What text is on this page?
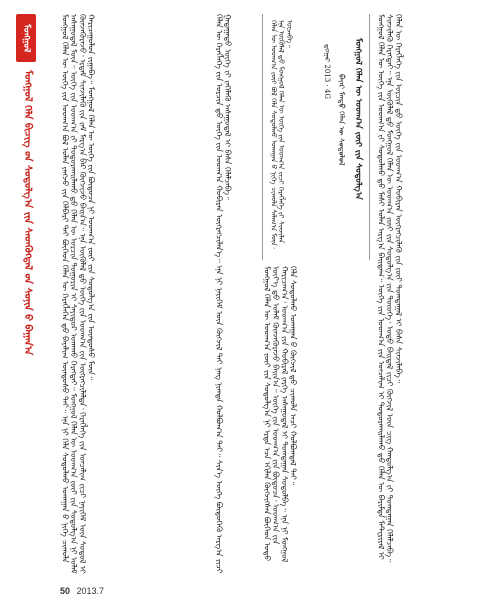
ᠮᠣᠩᠭ᠋ᠣᠯ
ᠮᠣᠩᠭ᠋ᠣᠯ ᠬᠡᠯᠡ ᠪᠢᠴᠢᠭ ᠤ᠋ᠨ ᠰᠤᠳᠤᠯᠭ᠎ᠠ ᠶ᠋ᠢᠨ ᠰᠡᠳᠬᠦᠭᠳᠡᠯ ᠤ᠋ᠨ ᠰᠣᠨᠢᠨ ᠤ᠋ ᠪᠠᠭᠠᠨ᠎ᠠ	ᠮᠣᠩᠭ᠋ᠣᠯ ᠬᠡᠯᠡᠨ ᠦ ᠦᠭᠡ ᠶ᠋ᠢᠨ ᠤᠳᠬ᠎ᠠ ᠪᠣᠯ ᠣᠯᠠᠨ ᠶᠠᠩᠵᠤ ᠶ᠋ᠢᠨ ᠬᠡᠯᠪᠡᠷᠢ ᠲᠠᠢ ᠪᠥᠭᠡᠳ ᠬᠡᠯᠡᠨ ᠦ ᠬᠡᠷᠡᠭᠯᠡᠭᠡᠨ ᠳ᠋ᠦ ᠪᠠᠶᠠᠯᠢᠭ ᠦᠨᠳᠦᠰᠦ ᠲᠠᠢ᠃ ᠡᠨᠡ ᠨᠢ ᠬᠡᠯᠡ ᠰᠤᠳᠤᠯᠬᠤ ᠤᠬᠠᠭᠠᠨ ᠤ᠋ ᠨᠢᠭᠡ ᠴᠢᠬᠤᠯᠠ ᠠᠰᠠᠭᠤᠳᠠᠯ ᠮᠥᠨ᠃ ᠦᠭᠡ ᠶ᠋ᠢᠨ ᠤᠳᠬ᠎ᠠ ᠶ᠋ᠢ ᠲᠣᠳᠤᠷᠬᠠᠢᠯᠠᠬᠤ ᠳ᠋ᠤ ᠬᠡᠯᠡᠨ ᠦ ᠣᠷᠴᠢᠨ ᠲᠣᠭᠣᠷᠢᠨ ᠢ ᠰᠠᠶᠢᠲᠤᠷ ᠤᠬᠠᠬᠤ ᠬᠡᠷᠡᠭᠲᠡᠢ᠃ ᠮᠣᠩᠭ᠋ᠣᠯ ᠬᠡᠯᠡᠨ ᠦ ᠤᠳᠬ᠎ᠠ ᠵᠦᠢ ᠶ᠋ᠢᠨ ᠰᠤᠳᠤᠯᠭ᠎ᠠ ᠨᠢ ᠤᠯᠠᠮ ᠭᠦᠨᠵᠡᠭᠦᠷᠡᠵᠦ᠂ ᠡᠷᠳᠡᠮ ᠰᠢᠨᠵᠢᠯᠡᠬᠦ ᠶ᠋ᠢᠨ ᠵᠠᠮ ᠮᠠᠷᠭ᠎ᠠ ᠪᠠᠷ ᠬᠥᠭᠵᠢᠵᠦ ᠪᠠᠢᠨ᠎ᠠ᠃ ᠡᠨᠡ ᠥᠭᠦᠯᠡᠯ ᠳ᠋ᠦ ᠦᠭᠡ ᠶ᠋ᠢᠨ ᠤᠳᠬ᠎ᠠ ᠶ᠋ᠢᠨ ᠥᠭᠷᠡᠭᠴᠢᠯᠡᠯᠲᠡ᠂ ᠬᠡᠷᠡᠭᠯᠡᠭᠡ ᠶ᠋ᠢᠨ ᠣᠨᠴᠠᠯᠢᠭ ᠵᠢᠴᠢ ᠨᠡᠶᠢᠭᠡᠮ ᠦᠨ ᠰᠤᠳᠤᠯ ᠢ ᠬᠠᠷᠢᠴᠠᠭᠤᠯᠤᠨ ᠵᠢᠭᠠᠪᠠ᠃ ᠮᠣᠩᠭ᠋ᠣᠯ ᠬᠡᠯᠡᠨ ᠦ ᠦᠭᠡ ᠶ᠋ᠢᠨ ᠪᠦᠲᠦᠴᠡ ᠨᠢ ᠤᠳᠬ᠎ᠠ ᠵᠦᠢ ᠶ᠋ᠢᠨ ᠰᠤᠳᠤᠯᠭ᠎ᠠ ᠶ᠋ᠢᠨ ᠦᠨᠳᠦᠰᠦ ᠮᠥᠨ᠃	ᠬᠡᠯᠡᠨ ᠦ ᠬᠡᠷᠡᠭᠯᠡᠭᠡ ᠶ᠋ᠢᠨ ᠣᠷᠴᠢᠨ ᠳ᠋ᠤ ᠦᠭᠡ ᠶ᠋ᠢᠨ ᠤᠳᠬ᠎ᠠ ᠬᠤᠪᠢᠷᠠᠨ ᠥᠭᠷᠡᠭᠴᠢᠯᠡᠨ᠎ᠡ᠃ ᠡᠨᠡ ᠨᠢ ᠨᠡᠶᠢᠭᠡᠮ ᠦᠨ ᠬᠥᠭᠵᠢᠯ ᠲᠡᠢ ᠨᠡᠩ ᠨᠢᠭᠲᠠ ᠬᠣᠯᠪᠣᠭ᠎ᠠ ᠲᠠᠢ᠃ ᠰᠢᠨ᠎ᠡ ᠦᠭᠡ ᠪᠦᠲᠦᠭᠡᠬᠦ ᠠᠷᠭ᠎ᠠ ᠵᠢᠴᠢ ᠭᠠᠳᠠᠭᠠᠳᠤ ᠦᠭᠡ ᠶ᠋ᠢ ᠵᠡᠭᠡᠯᠡᠬᠦ ᠠᠰᠠᠭᠤᠳᠠᠯ ᠢ ᠪᠠᠰᠠ ᠬᠡᠯᠡᠯᠴᠡᠪᠡ᠃	ᠮᠣᠩᠭ᠋ᠣᠯ ᠬᠡᠯᠡᠨ ᠦ ᠤᠳᠬ᠎ᠠ ᠵᠦᠢ ᠶ᠋ᠢᠨ ᠰᠤᠳᠤᠯᠭ᠎ᠠ
ᠪᠠᠶᠠᠷ ᠮᠡᠨᠳᠦ ᠬᠡᠯᠡᠨ ᠦ ᠰᠤᠳᠤᠯᠤᠯ
ᠳ᠋ᠤᠭᠠᠷ 2013 · 4G
ᠬᠡᠯᠡᠨ ᠦ ᠤᠳᠬ᠎ᠠ ᠵᠦᠢ ᠪᠣᠯ ᠬᠡᠯᠡ ᠰᠤᠳᠤᠯᠬᠤ ᠤᠬᠠᠭᠠᠨ ᠤ᠋ ᠨᠢᠭᠡ ᠴᠢᠬᠤᠯᠠ ᠰᠠᠯᠠᠭ᠎ᠠ ᠮᠥᠨ᠂ ᠡᠨᠡ ᠥᠭᠦᠯᠡᠯ ᠳ᠋ᠦ ᠮᠣᠩᠭ᠋ᠣᠯ ᠬᠡᠯᠡᠨ ᠦ ᠦᠭᠡ ᠶ᠋ᠢᠨ ᠤᠳᠬ᠎ᠠ ᠵᠢᠴᠢ ᠬᠡᠷᠡᠭᠯᠡᠭᠡ ᠶ᠋ᠢ ᠰᠢᠨᠵᠢᠯᠡᠨ ᠦᠵᠡᠪᠡ᠃

ᠮᠣᠩᠭ᠋ᠣᠯ ᠬᠡᠯᠡᠨ ᠦ ᠤᠳᠬ᠎ᠠ ᠵᠦᠢ ᠶ᠋ᠢᠨ ᠰᠤᠳᠤᠯᠭ᠎ᠠ ᠨᠢ ᠡᠷᠲᠡ ᠡᠴᠡ ᠡᠬᠢᠯᠡᠨ ᠬᠥᠭᠵᠢᠭᠰᠡᠨ ᠪᠥᠭᠡᠳ ᠣᠳᠣ ᠦᠶ᠎ᠡ ᠳ᠋ᠦ ᠤᠯᠠᠮ ᠭᠦᠨᠵᠡᠭᠦᠷᠡᠵᠦ ᠪᠠᠢᠨ᠎ᠠ᠃ ᠦᠭᠡ ᠶ᠋ᠢᠨ ᠤᠳᠬ᠎ᠠ ᠶ᠋ᠢᠨ ᠪᠦᠲᠦᠴᠡ᠂ ᠤᠳᠬ᠎ᠠ ᠶ᠋ᠢᠨ ᠬᠠᠷᠢᠴᠠᠭ᠎ᠠ᠂ ᠤᠳᠬ᠎ᠠ ᠶ᠋ᠢᠨ ᠬᠤᠪᠢᠷᠠᠯ ᠵᠡᠷᠭᠡ ᠠᠰᠠᠭᠤᠳᠠᠯ ᠢ ᠲᠣᠭᠲᠠᠭᠠᠨ ᠰᠤᠳᠤᠯᠪᠠ᠃ ᠡᠨᠡ ᠨᠢ ᠮᠣᠩᠭ᠋ᠣᠯ ᠬᠡᠯᠡ ᠰᠤᠳᠤᠯᠬᠤ ᠤᠬᠠᠭᠠᠨ ᠤ᠋ ᠬᠥᠭᠵᠢᠯ ᠳ᠋ᠦ ᠴᠢᠬᠤᠯᠠ ᠠᠴᠢ ᠬᠣᠯᠪᠣᠬᠳᠠᠯ ᠲᠠᠢ᠃	ᠮᠣᠩᠭ᠋ᠣᠯ ᠬᠡᠯᠡᠨ ᠦ ᠦᠭᠡ ᠶ᠋ᠢᠨ ᠤᠳᠬ᠎ᠠ ᠶ᠋ᠢ ᠰᠤᠳᠤᠯᠬᠤ ᠳ᠋ᠤ ᠮᠠᠰᠢ ᠣᠯᠠᠨ ᠠᠷᠭ᠎ᠠ ᠪᠠᠢᠳᠠᠭ᠃ ᠦᠭᠡ ᠶ᠋ᠢᠨ ᠤᠳᠬ᠎ᠠ ᠶ᠋ᠢᠨ ᠣᠨᠴᠠᠯᠢᠭ ᠢ ᠲᠣᠳᠤᠷᠬᠠᠢᠯᠠᠬᠤ ᠳ᠋ᠤ ᠬᠡᠯᠡᠨ ᠦ ᠪᠠᠷᠢᠮᠲᠠ ᠮᠠᠲᠧᠷᠢᠶᠠᠯ ᠢ ᠰᠢᠨᠵᠢᠯᠡᠬᠦ ᠬᠡᠷᠡᠭᠲᠡᠢ᠃ ᠡᠨᠡ ᠥᠭᠦᠯᠡᠯ ᠳ᠋ᠦ ᠮᠣᠩᠭ᠋ᠣᠯ ᠬᠡᠯᠡᠨ ᠦ ᠤᠳᠬ᠎ᠠ ᠵᠦᠢ ᠶ᠋ᠢᠨ ᠰᠤᠳᠤᠯᠭ᠎ᠠ ᠶ᠋ᠢᠨ ᠲᠦᠦᠬᠡ᠂ ᠣᠳᠣ ᠪᠠᠢᠳᠠᠯ ᠵᠢᠴᠢ ᠬᠥᠭᠵᠢᠯ ᠦᠨ ᠴᠢᠭ ᠬᠠᠨᠳᠤᠯᠭ᠎ᠠ ᠶ᠋ᠢ ᠲᠣᠭᠲᠠᠭᠠᠨ ᠬᠡᠯᠡᠯᠴᠡᠪᠡ᠃ ᠬᠡᠯᠡᠨ ᠦ ᠬᠡᠷᠡᠭᠯᠡᠭᠡ ᠶ᠋ᠢᠨ ᠣᠷᠴᠢᠨ ᠳ᠋ᠤ ᠦᠭᠡ ᠶ᠋ᠢᠨ ᠤᠳᠬ᠎ᠠ ᠬᠤᠪᠢᠷᠠᠨ ᠥᠭᠷᠡᠭᠴᠢᠯᠡᠬᠦ ᠶ᠋ᠢᠨ ᠵᠦᠢ ᠲᠣᠭᠲᠠᠭᠠᠯ ᠢ ᠪᠠᠰᠠ ᠰᠢᠨᠵᠢᠯᠡᠪᠡ᠃

50 2013.7
